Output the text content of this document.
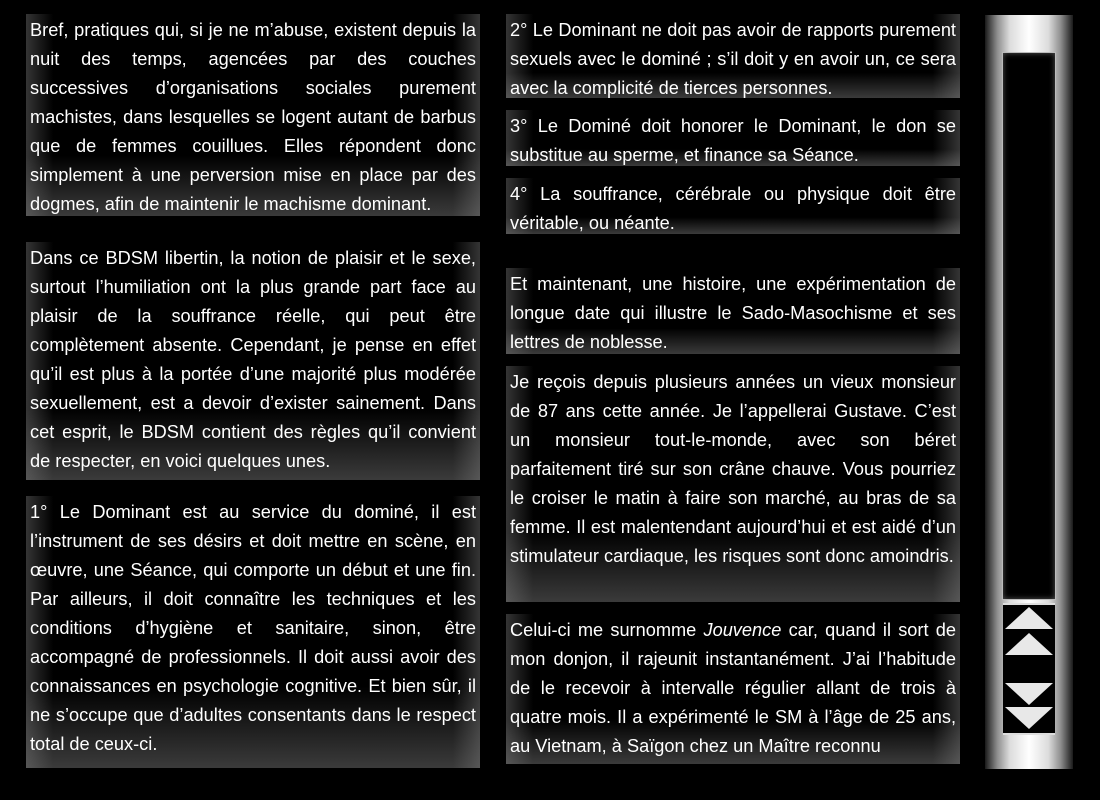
Bref, pratiques qui, si je ne m’abuse, existent depuis la nuit des temps, agencées par des couches successives d’organisations sociales purement machistes, dans lesquelles se logent autant de barbus que de femmes couillues. Elles répondent donc simplement à une perversion mise en place par des dogmes, afin de maintenir le machisme dominant.

Dans ce BDSM libertin, la notion de plaisir et le sexe, surtout l’humiliation ont la plus grande part face au plaisir de la souffrance réelle, qui peut être complètement absente. Cependant, je pense en effet qu’il est plus à la portée d’une majorité plus modérée sexuellement, est a devoir d’exister sainement. Dans cet esprit, le BDSM contient des règles qu’il convient de respecter, en voici quelques unes.

1° Le Dominant est au service du dominé, il est l’instrument de ses désirs et doit mettre en scène, en œuvre, une Séance, qui comporte un début et une fin. Par ailleurs, il doit connaître les techniques et les conditions d’hygiène et sanitaire, sinon, être accompagné de professionnels. Il doit aussi avoir des connaissances en psychologie cognitive. Et bien sûr, il ne s’occupe que d’adultes consentants dans le respect total de ceux-ci.

2° Le Dominant ne doit pas avoir de rapports purement sexuels avec le dominé ; s’il doit y en avoir un, ce sera avec la complicité de tierces personnes.

3° Le Dominé doit honorer le Dominant, le don se substitue au sperme, et finance sa Séance.

4° La souffrance, cérébrale ou physique doit être véritable, ou néante.

Et maintenant, une histoire, une expérimentation de longue date qui illustre le Sado-Masochisme et ses lettres de noblesse.

Je reçois depuis plusieurs années un vieux monsieur de 87 ans cette année. Je l’appellerai Gustave. C’est un monsieur tout-le-monde, avec son béret parfaitement tiré sur son crâne chauve. Vous pourriez le croiser le matin à faire son marché, au bras de sa femme. Il est malentendant aujourd’hui et est aidé d’un stimulateur cardiaque, les risques sont donc amoindris.

Celui-ci me surnomme Jouvence car, quand il sort de mon donjon, il rajeunit instantanément. J’ai l’habitude de le recevoir à intervalle régulier allant de trois à quatre mois. Il a expérimenté le SM à l’âge de 25 ans, au Vietnam, à Saïgon chez un Maître reconnu
